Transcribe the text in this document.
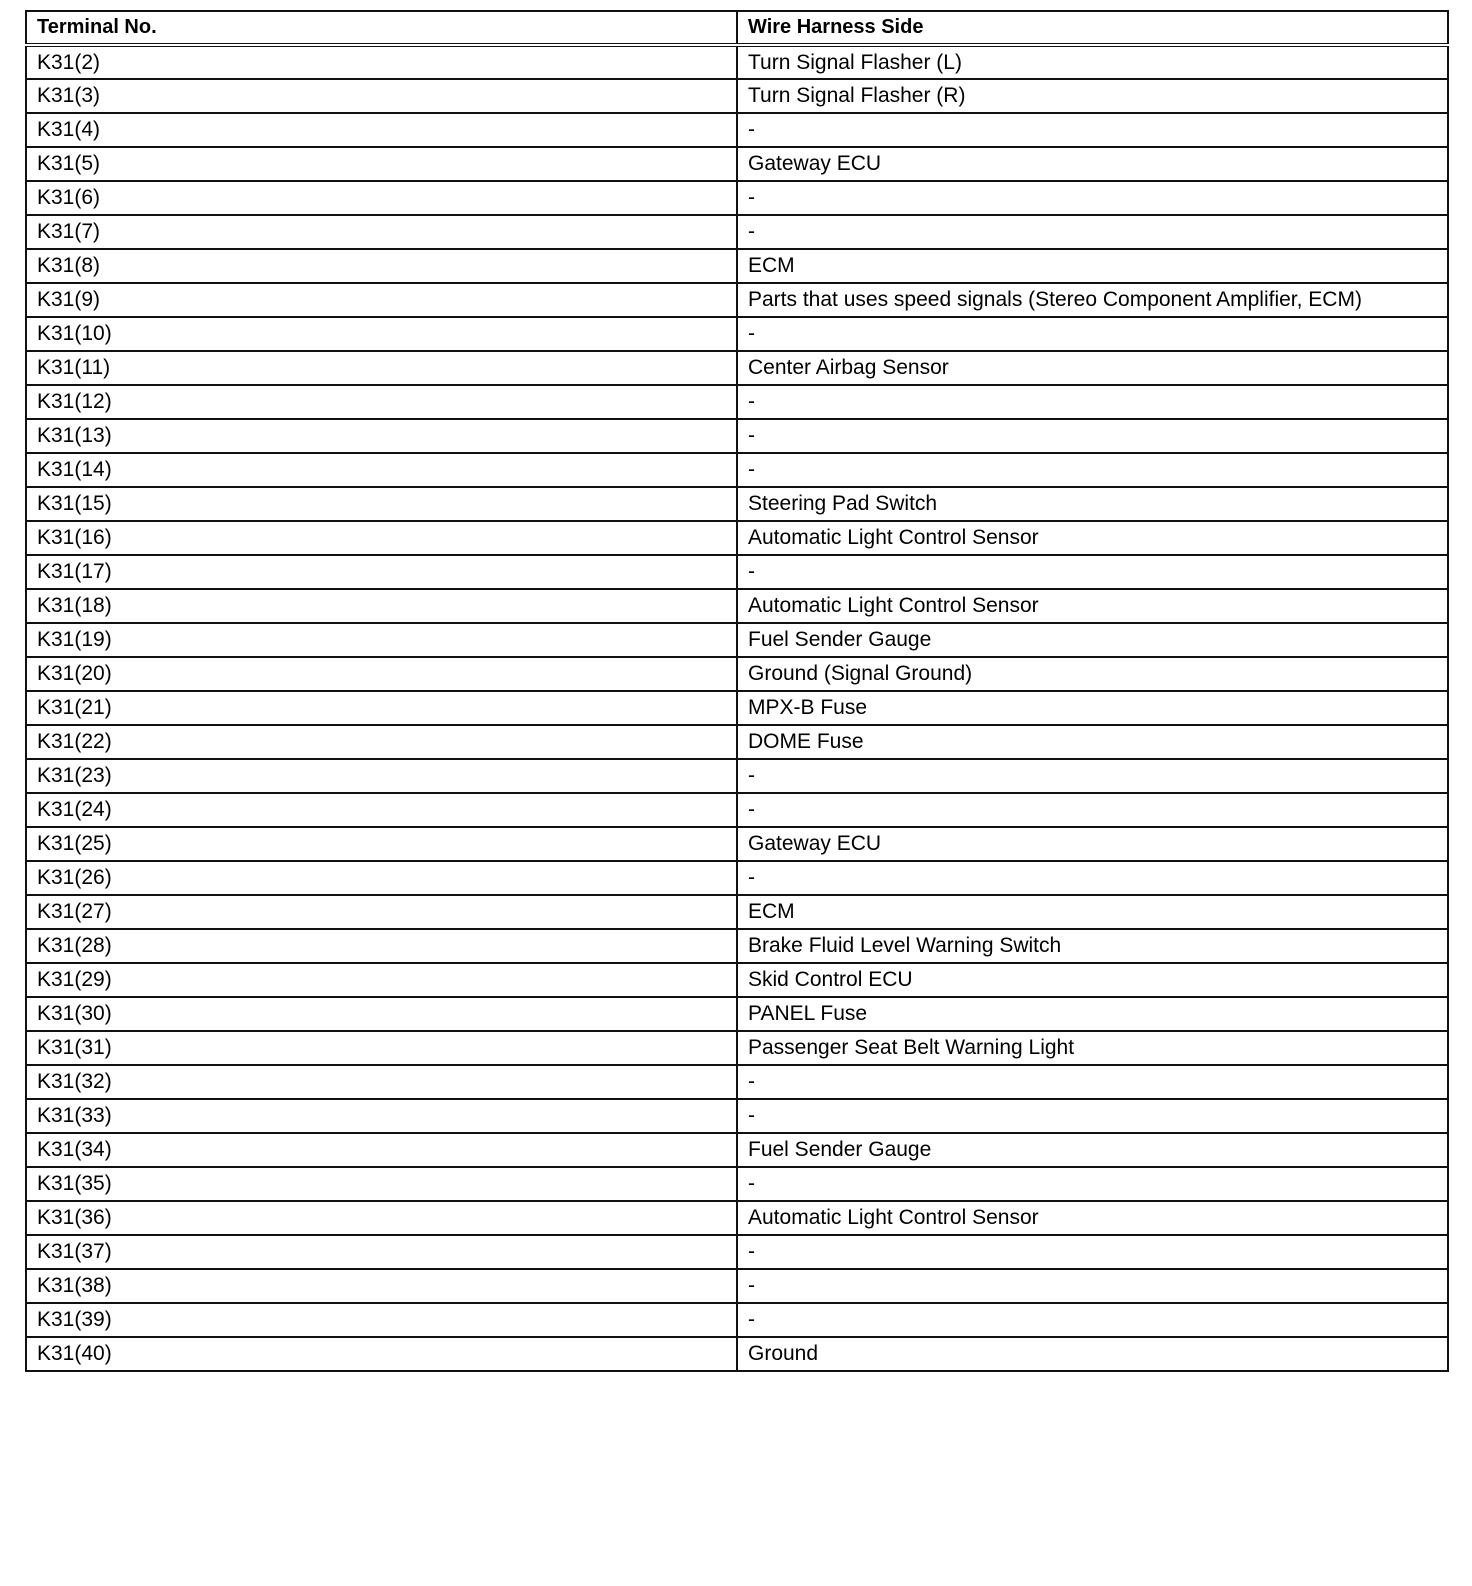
Terminal No.	Wire Harness Side
K31(2)	Turn Signal Flasher (L)
K31(3)	Turn Signal Flasher (R)
K31(4)	-
K31(5)	Gateway ECU
K31(6)	-
K31(7)	-
K31(8)	ECM
K31(9)	Parts that uses speed signals (Stereo Component Amplifier, ECM)
K31(10)	-
K31(11)	Center Airbag Sensor
K31(12)	-
K31(13)	-
K31(14)	-
K31(15)	Steering Pad Switch
K31(16)	Automatic Light Control Sensor
K31(17)	-
K31(18)	Automatic Light Control Sensor
K31(19)	Fuel Sender Gauge
K31(20)	Ground (Signal Ground)
K31(21)	MPX-B Fuse
K31(22)	DOME Fuse
K31(23)	-
K31(24)	-
K31(25)	Gateway ECU
K31(26)	-
K31(27)	ECM
K31(28)	Brake Fluid Level Warning Switch
K31(29)	Skid Control ECU
K31(30)	PANEL Fuse
K31(31)	Passenger Seat Belt Warning Light
K31(32)	-
K31(33)	-
K31(34)	Fuel Sender Gauge
K31(35)	-
K31(36)	Automatic Light Control Sensor
K31(37)	-
K31(38)	-
K31(39)	-
K31(40)	Ground
